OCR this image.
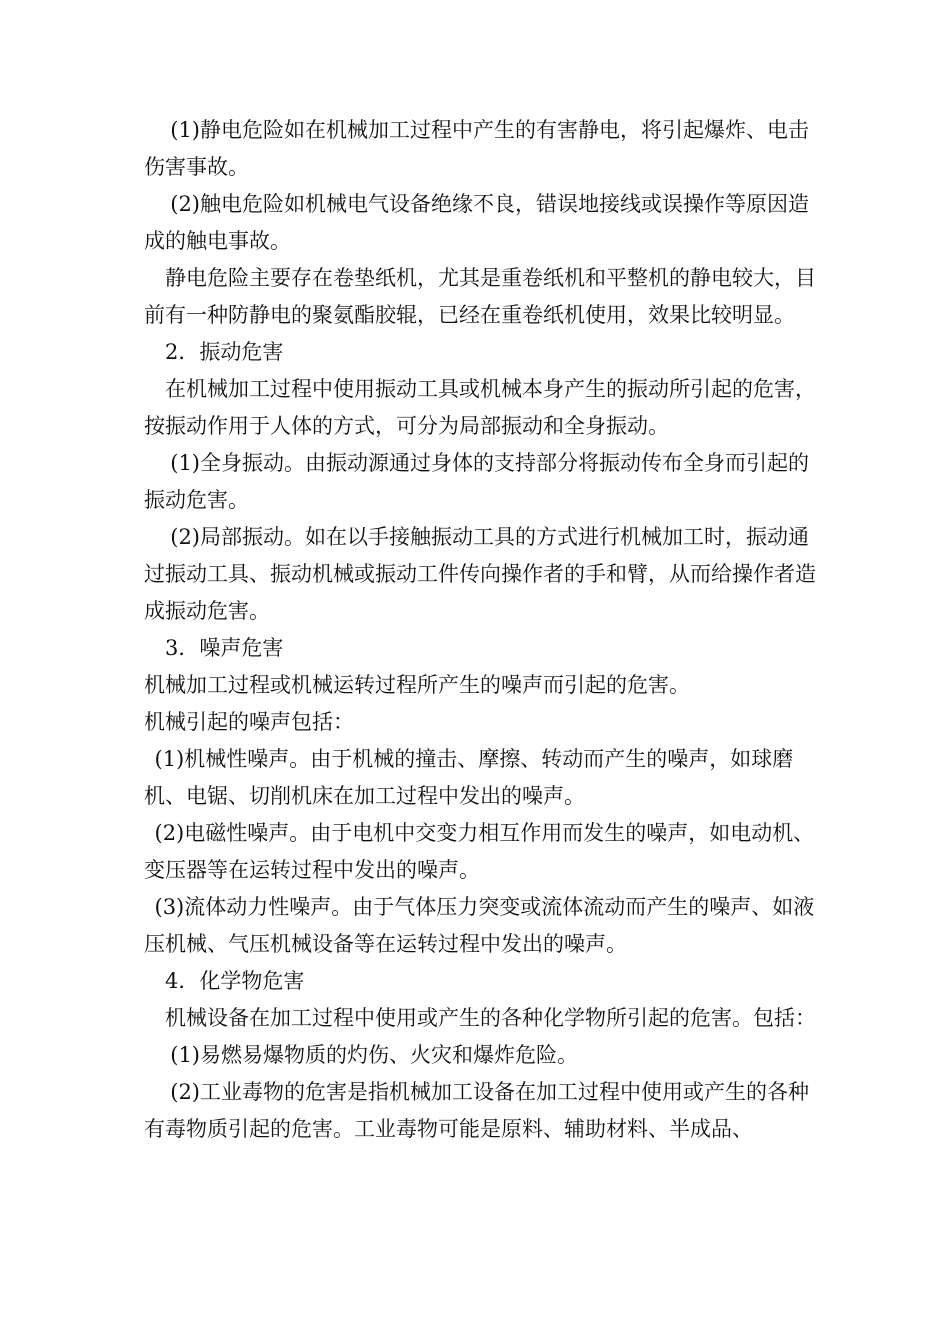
(1)静电危险如在机械加工过程中产生的有害静电，将引起爆炸、电击伤害事故。

(2)触电危险如机械电气设备绝缘不良，错误地接线或误操作等原因造成的触电事故。

静电危险主要存在卷垫纸机，尤其是重卷纸机和平整机的静电较大，目前有一种防静电的聚氨酯胶辊，已经在重卷纸机使用，效果比较明显。

2．振动危害

在机械加工过程中使用振动工具或机械本身产生的振动所引起的危害，按振动作用于人体的方式，可分为局部振动和全身振动。

(1)全身振动。由振动源通过身体的支持部分将振动传布全身而引起的振动危害。

(2)局部振动。如在以手接触振动工具的方式进行机械加工时，振动通过振动工具、振动机械或振动工件传向操作者的手和臂，从而给操作者造成振动危害。

3．噪声危害

机械加工过程或机械运转过程所产生的噪声而引起的危害。

机械引起的噪声包括：

(1)机械性噪声。由于机械的撞击、摩擦、转动而产生的噪声，如球磨机、电锯、切削机床在加工过程中发出的噪声。

(2)电磁性噪声。由于电机中交变力相互作用而发生的噪声，如电动机、变压器等在运转过程中发出的噪声。

(3)流体动力性噪声。由于气体压力突变或流体流动而产生的噪声、如液压机械、气压机械设备等在运转过程中发出的噪声。

4．化学物危害

机械设备在加工过程中使用或产生的各种化学物所引起的危害。包括：

(1)易燃易爆物质的灼伤、火灾和爆炸危险。

(2)工业毒物的危害是指机械加工设备在加工过程中使用或产生的各种有毒物质引起的危害。工业毒物可能是原料、辅助材料、半成品、
